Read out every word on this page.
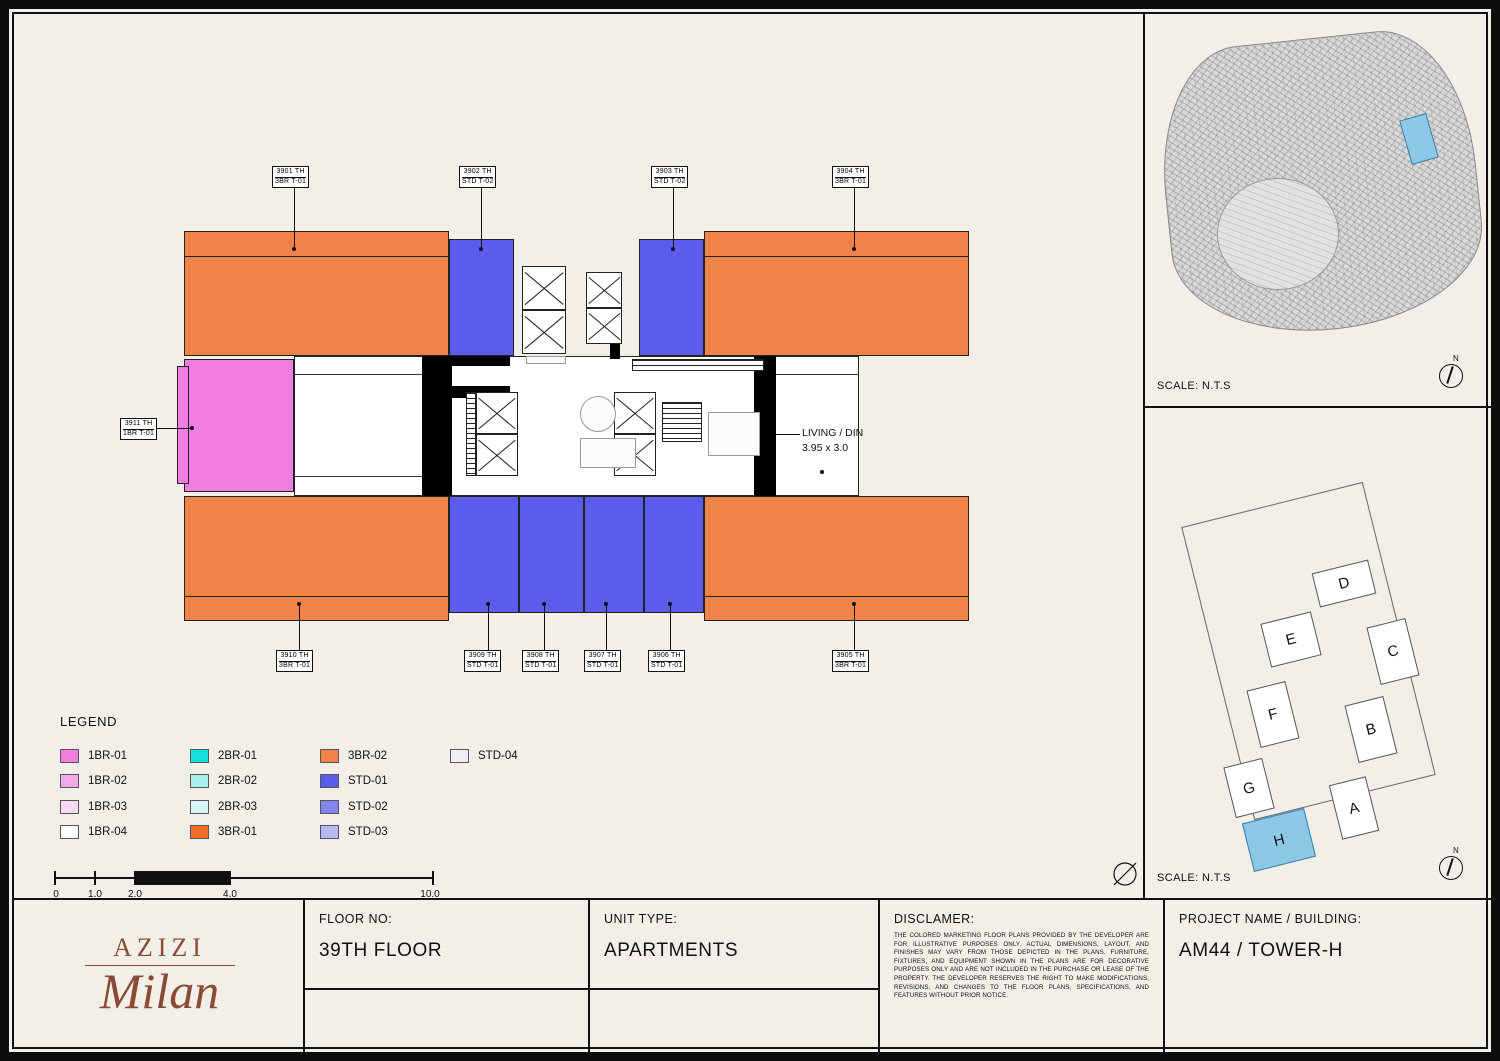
3901 TH
3BR T-01
3902 TH
STD T-02
3903 TH
STD T-02
3904 TH
3BR T-01
3911 TH
1BR T-01
3910 TH
3BR T-01
3909 TH
STD T-01
3908 TH
STD T-01
3907 TH
STD T-01
3906 TH
STD T-01
3905 TH
3BR T-01
LIVING / DIN
3.95 x 3.0
LEGEND
1BR-01	2BR-01	3BR-02	STD-04
1BR-02	2BR-02	STD-01
1BR-03	2BR-03	STD-02
1BR-04	3BR-01	STD-03
0	1.0	2.0	4.0	10.0
SCALE: N.T.S
N
D
E
C
F
B
G
A
H
SCALE: N.T.S
N
AZIZI
Milan
FLOOR NO:
39TH FLOOR
UNIT TYPE:
APARTMENTS
DISCLAMER:
THE COLORED MARKETING FLOOR PLANS PROVIDED BY THE DEVELOPER ARE FOR ILLUSTRATIVE PURPOSES ONLY. ACTUAL DIMENSIONS, LAYOUT, AND FINISHES MAY VARY FROM THOSE DEPICTED IN THE PLANS. FURNITURE, FIXTURES, AND EQUIPMENT SHOWN IN THE PLANS ARE FOR DECORATIVE PURPOSES ONLY AND ARE NOT INCLUDED IN THE PURCHASE OR LEASE OF THE PROPERTY. THE DEVELOPER RESERVES THE RIGHT TO MAKE MODIFICATIONS, REVISIONS, AND CHANGES TO THE FLOOR PLANS, SPECIFICATIONS, AND FEATURES WITHOUT PRIOR NOTICE.
PROJECT NAME / BUILDING:
AM44 / TOWER-H
